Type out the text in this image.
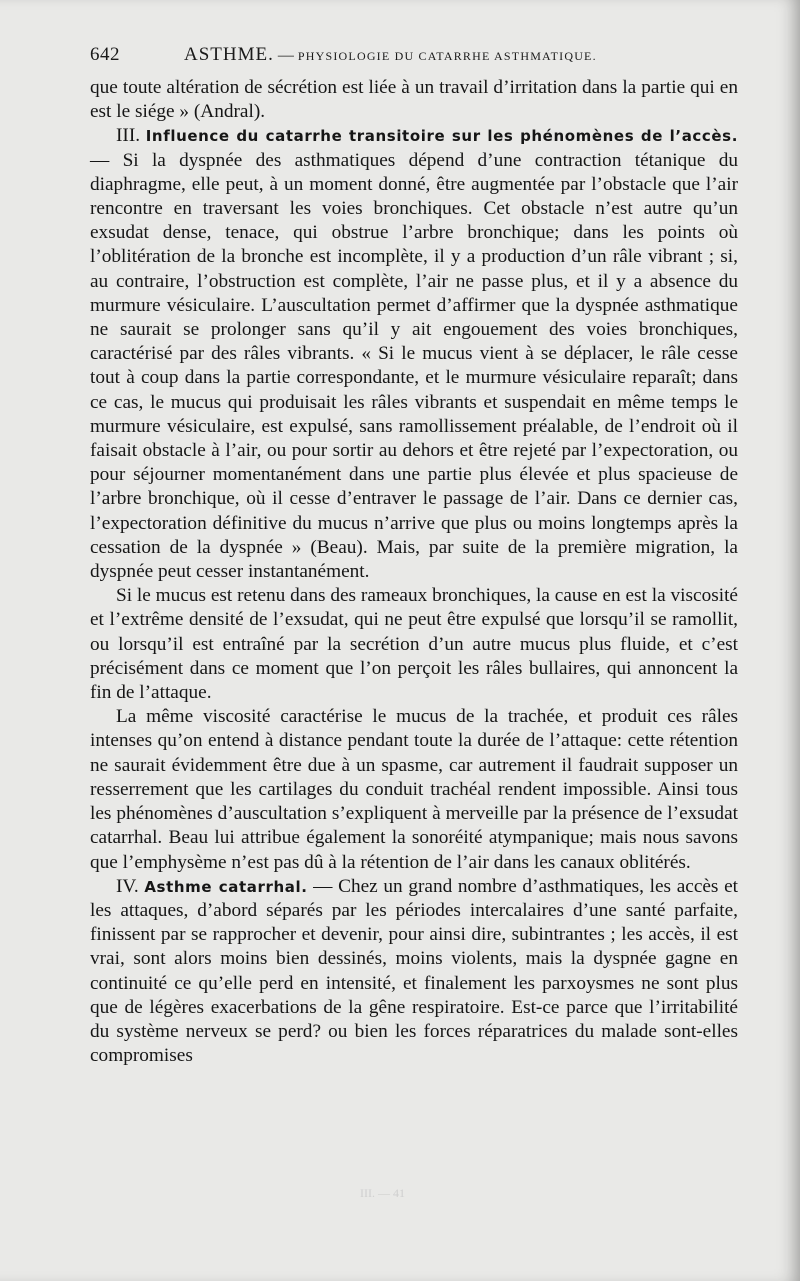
642	ASTHME. — PHYSIOLOGIE DU CATARRHE ASTHMATIQUE.

que toute altération de sécrétion est liée à un travail d’irritation dans la partie qui en est le siége » (Andral).

III. Influence du catarrhe transitoire sur les phénomènes de l’accès. — Si la dyspnée des asthmatiques dépend d’une contraction tétanique du diaphragme, elle peut, à un moment donné, être augmentée par l’obstacle que l’air rencontre en traversant les voies bronchiques. Cet obstacle n’est autre qu’un exsudat dense, tenace, qui obstrue l’arbre bronchique; dans les points où l’oblitération de la bronche est incomplète, il y a production d’un râle vibrant ; si, au contraire, l’obstruction est complète, l’air ne passe plus, et il y a absence du murmure vésiculaire. L’auscultation permet d’affirmer que la dyspnée asthmatique ne saurait se prolonger sans qu’il y ait engouement des voies bronchiques, caractérisé par des râles vibrants. « Si le mucus vient à se déplacer, le râle cesse tout à coup dans la partie correspondante, et le murmure vésiculaire reparaît; dans ce cas, le mucus qui produisait les râles vibrants et suspendait en même temps le murmure vésiculaire, est expulsé, sans ramollissement préalable, de l’endroit où il faisait obstacle à l’air, ou pour sortir au dehors et être rejeté par l’expectoration, ou pour séjourner momentanément dans une partie plus élevée et plus spacieuse de l’arbre bronchique, où il cesse d’entraver le passage de l’air. Dans ce dernier cas, l’expectoration définitive du mucus n’arrive que plus ou moins longtemps après la cessation de la dyspnée » (Beau). Mais, par suite de la première migration, la dyspnée peut cesser instantanément.

Si le mucus est retenu dans des rameaux bronchiques, la cause en est la viscosité et l’extrême densité de l’exsudat, qui ne peut être expulsé que lorsqu’il se ramollit, ou lorsqu’il est entraîné par la secrétion d’un autre mucus plus fluide, et c’est précisément dans ce moment que l’on perçoit les râles bullaires, qui annoncent la fin de l’attaque.

La même viscosité caractérise le mucus de la trachée, et produit ces râles intenses qu’on entend à distance pendant toute la durée de l’attaque: cette rétention ne saurait évidemment être due à un spasme, car autrement il faudrait supposer un resserrement que les cartilages du conduit trachéal rendent impossible. Ainsi tous les phénomènes d’auscultation s’expliquent à merveille par la présence de l’exsudat catarrhal. Beau lui attribue également la sonoréité atympanique; mais nous savons que l’emphysème n’est pas dû à la rétention de l’air dans les canaux oblitérés.

IV. Asthme catarrhal. — Chez un grand nombre d’asthmatiques, les accès et les attaques, d’abord séparés par les périodes intercalaires d’une santé parfaite, finissent par se rapprocher et devenir, pour ainsi dire, subintrantes ; les accès, il est vrai, sont alors moins bien dessinés, moins violents, mais la dyspnée gagne en continuité ce qu’elle perd en intensité, et finalement les parxoysmes ne sont plus que de légères exacerbations de la gêne respiratoire. Est-ce parce que l’irritabilité du système nerveux se perd? ou bien les forces réparatrices du malade sont-elles compromises

III. — 41
